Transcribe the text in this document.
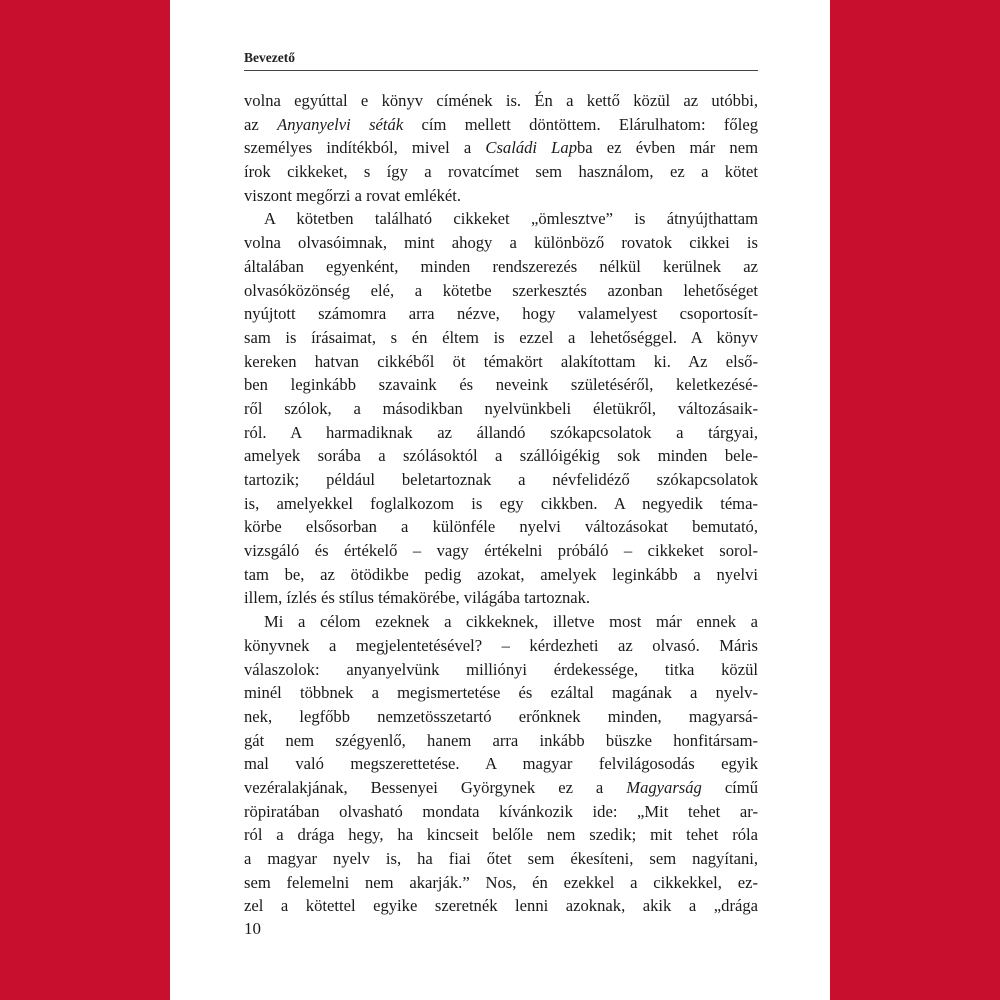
Bevezető
volna egyúttal e könyv címének is. Én a kettő közül az utóbbi,
az Anyanyelvi séták cím mellett döntöttem. Elárulhatom: főleg
személyes indítékból, mivel a Családi Lapba ez évben már nem
írok cikkeket, s így a rovatcímet sem használom, ez a kötet
viszont megőrzi a rovat emlékét.
A kötetben található cikkeket „ömlesztve” is átnyújthattam
volna olvasóimnak, mint ahogy a különböző rovatok cikkei is
általában egyenként, minden rendszerezés nélkül kerülnek az
olvasóközönség elé, a kötetbe szerkesztés azonban lehetőséget
nyújtott számomra arra nézve, hogy valamelyest csoportosít-
sam is írásaimat, s én éltem is ezzel a lehetőséggel. A könyv
kereken hatvan cikkéből öt témakört alakítottam ki. Az első-
ben leginkább szavaink és neveink születéséről, keletkezésé-
ről szólok, a másodikban nyelvünkbeli életükről, változásaik-
ról. A harmadiknak az állandó szókapcsolatok a tárgyai,
amelyek sorába a szólásoktól a szállóigékig sok minden bele-
tartozik; például beletartoznak a névfelidéző szókapcsolatok
is, amelyekkel foglalkozom is egy cikkben. A negyedik téma-
körbe elsősorban a különféle nyelvi változásokat bemutató,
vizsgáló és értékelő – vagy értékelni próbáló – cikkeket sorol-
tam be, az ötödikbe pedig azokat, amelyek leginkább a nyelvi
illem, ízlés és stílus témakörébe, világába tartoznak.
Mi a célom ezeknek a cikkeknek, illetve most már ennek a
könyvnek a megjelentetésével? – kérdezheti az olvasó. Máris
válaszolok: anyanyelvünk milliónyi érdekessége, titka közül
minél többnek a megismertetése és ezáltal magának a nyelv-
nek, legfőbb nemzetösszetartó erőnknek minden, magyarsá-
gát nem szégyenlő, hanem arra inkább büszke honfitársam-
mal való megszerettetése. A magyar felvilágosodás egyik
vezéralakjának, Bessenyei Györgynek ez a Magyarság című
röpiratában olvasható mondata kívánkozik ide: „Mit tehet ar-
ról a drága hegy, ha kincseit belőle nem szedik; mit tehet róla
a magyar nyelv is, ha fiai őtet sem ékesíteni, sem nagyítani,
sem felemelni nem akarják.” Nos, én ezekkel a cikkekkel, ez-
zel a kötettel egyike szeretnék lenni azoknak, akik a „drága
10
